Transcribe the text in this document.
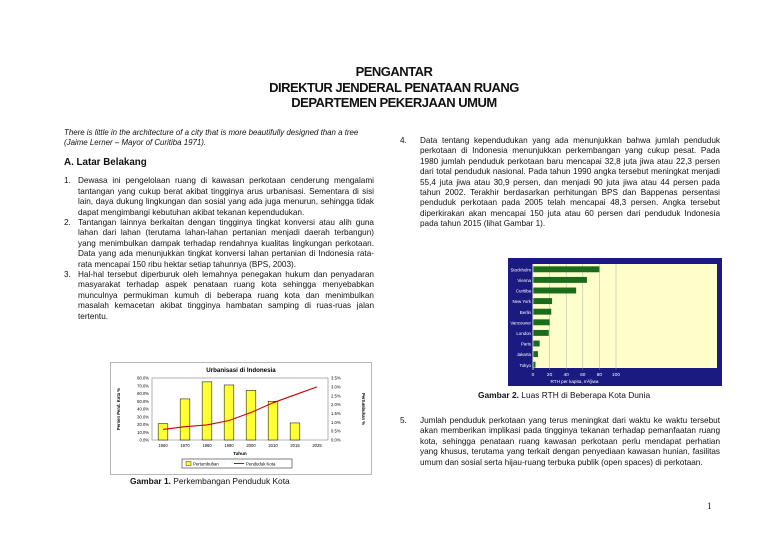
PENGANTAR
DIREKTUR JENDERAL PENATAAN RUANG
DEPARTEMEN PEKERJAAN UMUM
There is little in the architecture of a city that is more beautifully designed than a tree
(Jaime Lerner – Mayor of Curitiba 1971).
A. Latar Belakang
1. Dewasa ini pengelolaan ruang di kawasan perkotaan cenderung mengalami tantangan yang cukup berat akibat tingginya arus urbanisasi. Sementara di sisi lain, daya dukung lingkungan dan sosial yang ada juga menurun, sehingga tidak dapat mengimbangi kebutuhan akibat tekanan kependudukan.
2. Tantangan lainnya berkaitan dengan tingginya tingkat konversi atau alih guna lahan dari lahan (terutama lahan-lahan pertanian menjadi daerah terbangun) yang menimbulkan dampak terhadap rendahnya kualitas lingkungan perkotaan. Data yang ada menunjukkan tingkat konversi lahan pertanian di Indonesia rata-rata mencapai 150 ribu hektar setiap tahunnya (BPS, 2003).
3. Hal-hal tersebut diperburuk oleh lemahnya penegakan hukum dan penyadaran masyarakat terhadap aspek penataan ruang kota sehingga menyebabkan munculnya permukiman kumuh di beberapa ruang kota dan menimbulkan masalah kemacetan akibat tingginya hambatan samping di ruas-ruas jalan tertentu.
Urbanisasi di Indonesia
0.0%
10.0%
20.0%
30.0%
40.0%
50.0%
60.0%
70.0%
80.0%
0.0%
0.5%
1.0%
1.5%
2.0%
2.5%
3.0%
3.5%
Persen Pend. Kota %	Pertumbuhan %
1960	1970	1980	1990	2000	2010	2015	2025
Tahun
Pertumbuhan	Penduduk Kota
Gambar 1. Perkembangan Penduduk Kota
4.	Data tentang kependudukan yang ada menunjukkan bahwa jumlah penduduk perkotaan di Indonesia menunjukkan perkembangan yang cukup pesat. Pada 1980 jumlah penduduk perkotaan baru mencapai 32,8 juta jiwa atau 22,3 persen dari total penduduk nasional. Pada tahun 1990 angka tersebut meningkat menjadi 55,4 juta jiwa atau 30,9 persen, dan menjadi 90 juta jiwa atau 44 persen pada tahun 2002. Terakhir berdasarkan perhitungan BPS dan Bappenas persentasi penduduk perkotaan pada 2005 telah mencapai 48,3 persen. Angka tersebut diperkirakan akan mencapai 150 juta atau 60 persen dari penduduk Indonesia pada tahun 2015 (lihat Gambar 1).
0	20 40 60 80 100
Stockholm
Vienna
Curitiba
New York
Berlin
Vancouver
London
Paris
Jakarta
Tokyo
RTH per kapita, m²/jiwa
Gambar 2. Luas RTH di Beberapa Kota Dunia
5.	Jumlah penduduk perkotaan yang terus meningkat dari waktu ke waktu tersebut akan memberikan implikasi pada tingginya tekanan terhadap pemanfaatan ruang kota, sehingga penataan ruang kawasan perkotaan perlu mendapat perhatian yang khusus, terutama yang terkait dengan penyediaan kawasan hunian, fasilitas umum dan sosial serta hijau-ruang terbuka publik (open spaces) di perkotaan.
1
